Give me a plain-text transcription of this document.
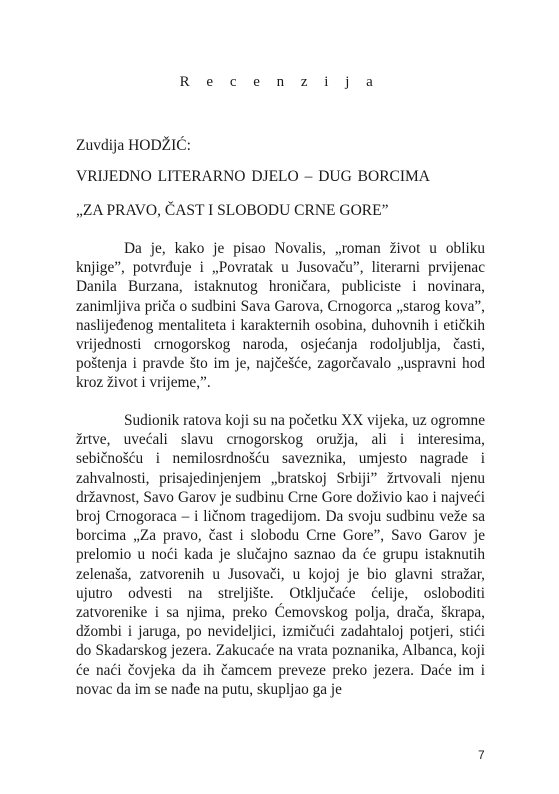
R e c e n z i j a
Zuvdija HODŽIĆ:
VRIJEDNO LITERARNO DJELO – DUG BORCIMA
„ZA PRAVO, ČAST I SLOBODU CRNE GORE”

Da je, kako je pisao Novalis, „roman život u obliku knjige”, potvrđuje i „Povratak u Jusovaču”, literarni prvijenac Danila Burzana, istaknutog hroničara, publiciste i novinara, zanimljiva priča o sudbini Sava Garova, Crnogorca „starog kova”, naslijeđenog mentaliteta i karakternih osobina, duhovnih i etičkih vrijednosti crnogorskog naroda, osjećanja rodoljublja, časti, poštenja i pravde što im je, najčešće, zagorčavalo „uspravni hod kroz život i vrijeme,”.

Sudionik ratova koji su na početku XX vijeka, uz ogromne žrtve, uvećali slavu crnogorskog oružja, ali i interesima, sebičnošću i nemilosrdnošću saveznika, umjesto nagrade i zahvalnosti, prisajedinjenjem „bratskoj Srbiji” žrtvovali njenu državnost, Savo Garov je sudbinu Crne Gore doživio kao i najveći broj Crnogoraca – i ličnom tragedijom. Da svoju sudbinu veže sa borcima „Za pravo, čast i slobodu Crne Gore”, Savo Garov je prelomio u noći kada je slučajno saznao da će grupu istaknutih zelenaša, zatvorenih u Jusovači, u kojoj je bio glavni stražar, ujutro odvesti na strelјište. Otklјučaće ćelije, osloboditi zatvorenike i sa njima, preko Ćemovskog polja, drača, škrapa, džombi i jaruga, po nevidelјici, izmičući zadahtaloj potjeri, stići do Skadarskog jezera. Zakucaće na vrata poznanika, Albanca, koji će naći čovjeka da ih čamcem preveze preko jezera. Daće im i novac da im se nađe na putu, skuplјao ga je

7
